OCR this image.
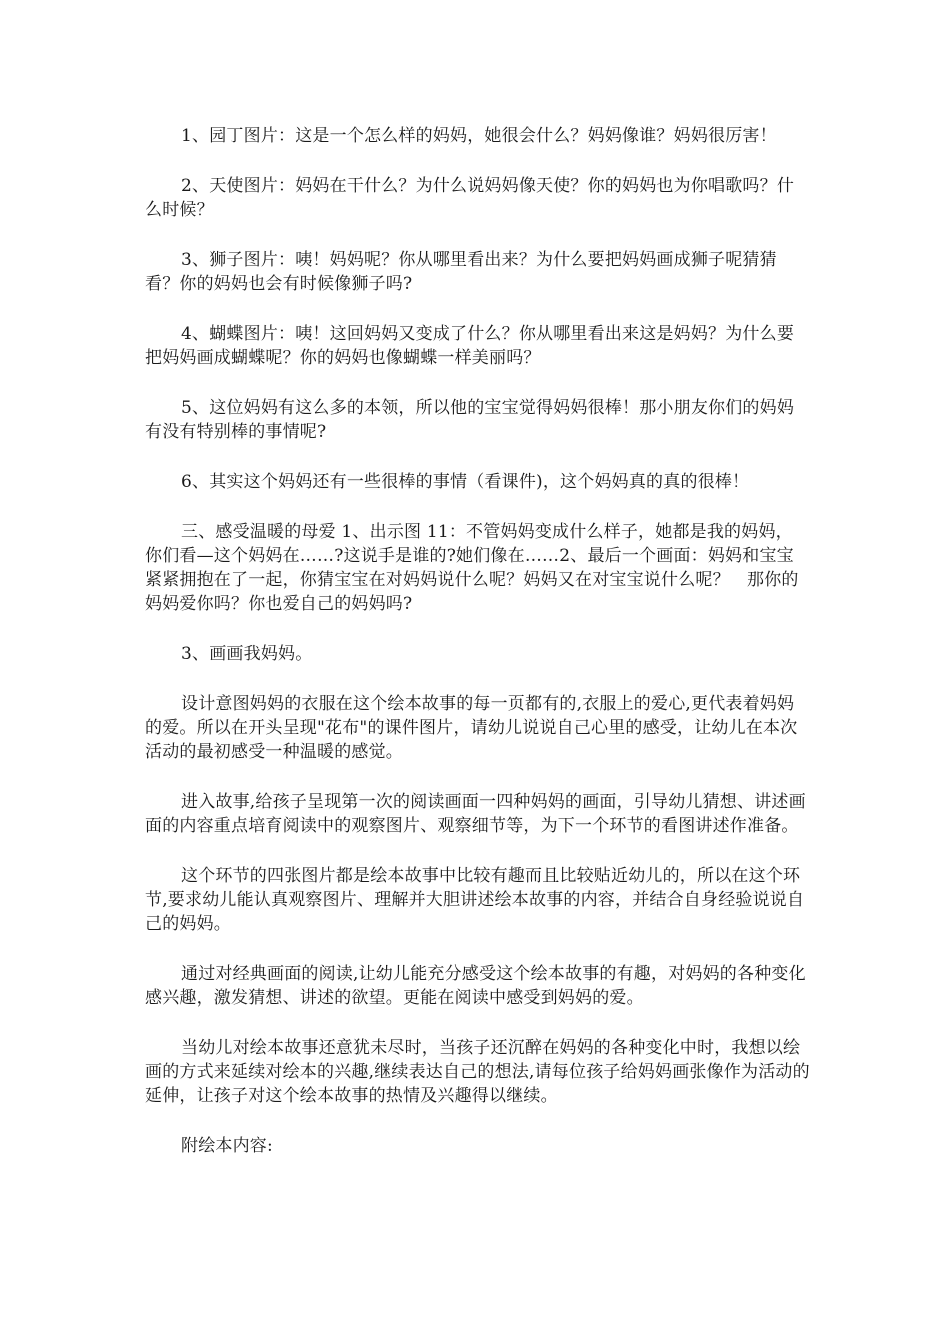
1、园丁图片：这是一个怎么样的妈妈，她很会什么？妈妈像谁？妈妈很厉害！

2、天使图片：妈妈在干什么？为什么说妈妈像天使？你的妈妈也为你唱歌吗？什么时候？

3、狮子图片：咦！妈妈呢？你从哪里看出来？为什么要把妈妈画成狮子呢猜猜看？你的妈妈也会有时候像狮子吗?

4、蝴蝶图片：咦！这回妈妈又变成了什么？你从哪里看出来这是妈妈？为什么要把妈妈画成蝴蝶呢？你的妈妈也像蝴蝶一样美丽吗？

5、这位妈妈有这么多的本领，所以他的宝宝觉得妈妈很棒！那小朋友你们的妈妈有没有特别棒的事情呢?

6、其实这个妈妈还有一些很棒的事情（看课件)，这个妈妈真的真的很棒！

三、感受温暖的母爱 1、出示图 11：不管妈妈变成什么样子，她都是我的妈妈，你们看—这个妈妈在……?这说手是谁的?她们像在……2、最后一个画面：妈妈和宝宝紧紧拥抱在了一起，你猜宝宝在对妈妈说什么呢？妈妈又在对宝宝说什么呢？　那你的妈妈爱你吗？你也爱自己的妈妈吗?

3、画画我妈妈。

设计意图妈妈的衣服在这个绘本故事的每一页都有的,衣服上的爱心,更代表着妈妈的爱。所以在开头呈现"花布"的课件图片，请幼儿说说自己心里的感受，让幼儿在本次活动的最初感受一种温暖的感觉。

进入故事,给孩子呈现第一次的阅读画面一四种妈妈的画面，引导幼儿猜想、讲述画面的内容重点培育阅读中的观察图片、观察细节等，为下一个环节的看图讲述作准备。

这个环节的四张图片都是绘本故事中比较有趣而且比较贴近幼儿的，所以在这个环节,要求幼儿能认真观察图片、理解并大胆讲述绘本故事的内容，并结合自身经验说说自己的妈妈。

通过对经典画面的阅读,让幼儿能充分感受这个绘本故事的有趣，对妈妈的各种变化感兴趣，激发猜想、讲述的欲望。更能在阅读中感受到妈妈的爱。

当幼儿对绘本故事还意犹未尽时，当孩子还沉醉在妈妈的各种变化中时，我想以绘画的方式来延续对绘本的兴趣,继续表达自己的想法,请每位孩子给妈妈画张像作为活动的延伸，让孩子对这个绘本故事的热情及兴趣得以继续。

附绘本内容:
